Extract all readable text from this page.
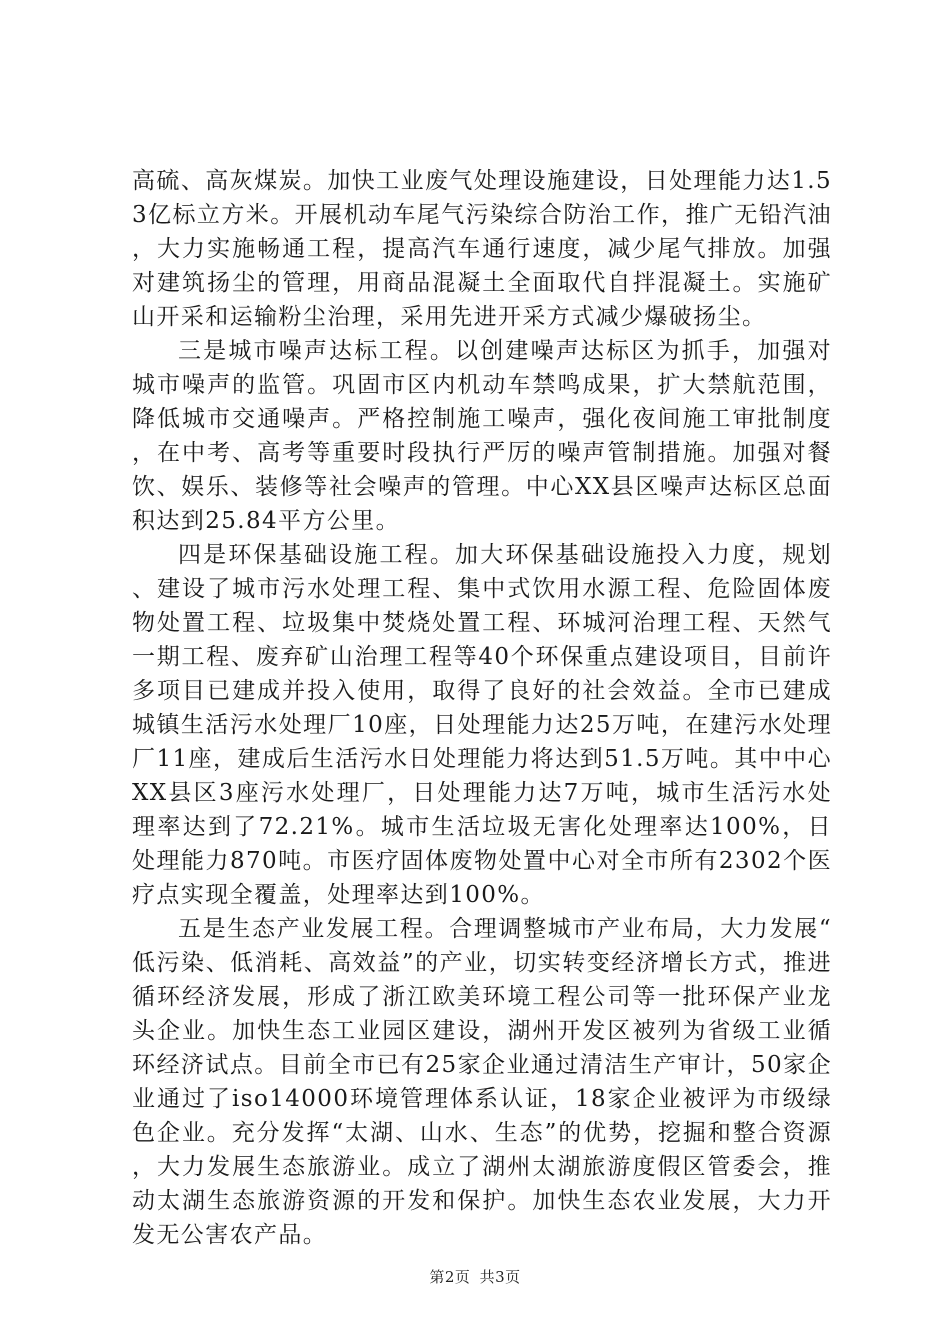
高硫、高灰煤炭。加快工业废气处理设施建设，日处理能力达1.53亿标立方米。开展机动车尾气污染综合防治工作，推广无铅汽油，大力实施畅通工程，提高汽车通行速度，减少尾气排放。加强对建筑扬尘的管理，用商品混凝土全面取代自拌混凝土。实施矿山开采和运输粉尘治理，采用先进开采方式减少爆破扬尘。

三是城市噪声达标工程。以创建噪声达标区为抓手，加强对城市噪声的监管。巩固市区内机动车禁鸣成果，扩大禁航范围，降低城市交通噪声。严格控制施工噪声，强化夜间施工审批制度，在中考、高考等重要时段执行严厉的噪声管制措施。加强对餐饮、娱乐、装修等社会噪声的管理。中心XX县区噪声达标区总面积达到25.84平方公里。

四是环保基础设施工程。加大环保基础设施投入力度，规划、建设了城市污水处理工程、集中式饮用水源工程、危险固体废物处置工程、垃圾集中焚烧处置工程、环城河治理工程、天然气一期工程、废弃矿山治理工程等40个环保重点建设项目，目前许多项目已建成并投入使用，取得了良好的社会效益。全市已建成城镇生活污水处理厂10座，日处理能力达25万吨，在建污水处理厂11座，建成后生活污水日处理能力将达到51.5万吨。其中中心XX县区3座污水处理厂，日处理能力达7万吨，城市生活污水处理率达到了72.21%。城市生活垃圾无害化处理率达100%，日处理能力870吨。市医疗固体废物处置中心对全市所有2302个医疗点实现全覆盖，处理率达到100%。

五是生态产业发展工程。合理调整城市产业布局，大力发展“低污染、低消耗、高效益”的产业，切实转变经济增长方式，推进循环经济发展，形成了浙江欧美环境工程公司等一批环保产业龙头企业。加快生态工业园区建设，湖州开发区被列为省级工业循环经济试点。目前全市已有25家企业通过清洁生产审计，50家企业通过了iso14000环境管理体系认证，18家企业被评为市级绿色企业。充分发挥“太湖、山水、生态”的优势，挖掘和整合资源，大力发展生态旅游业。成立了湖州太湖旅游度假区管委会，推动太湖生态旅游资源的开发和保护。加快生态农业发展，大力开发无公害农产品。

第2页 共3页
